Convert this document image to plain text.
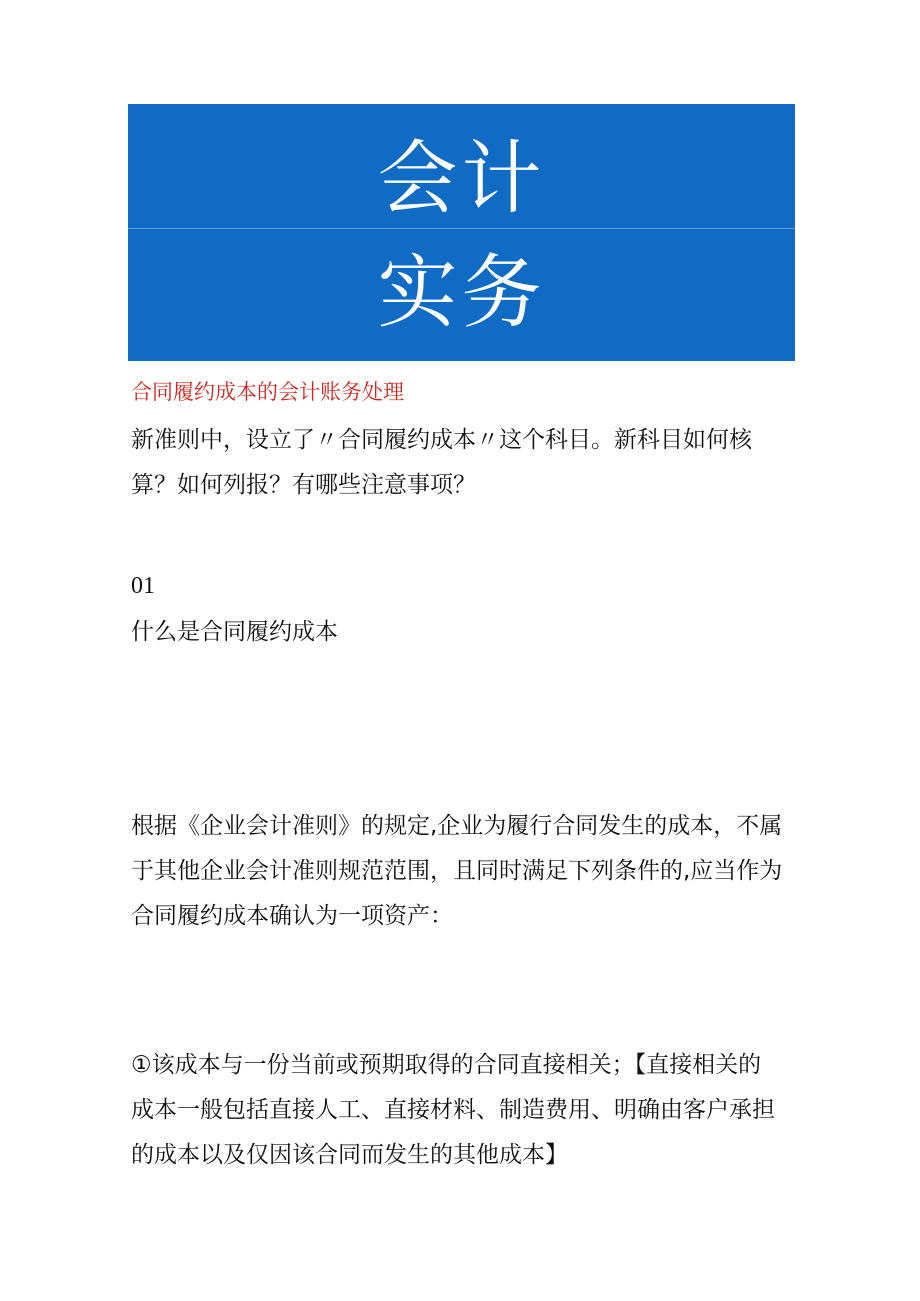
会计
实务

合同履约成本的会计账务处理

新准则中，设立了〃合同履约成本〃这个科目。新科目如何核
算？如何列报？有哪些注意事项？

01

什么是合同履约成本

根据《企业会计准则》的规定,企业为履行合同发生的成本，不属
于其他企业会计准则规范范围，且同时满足下列条件的,应当作为
合同履约成本确认为一项资产：
①该成本与一份当前或预期取得的合同直接相关；【直接相关的
成本一般包括直接人工、直接材料、制造费用、明确由客户承担
的成本以及仅因该合同而发生的其他成本】
